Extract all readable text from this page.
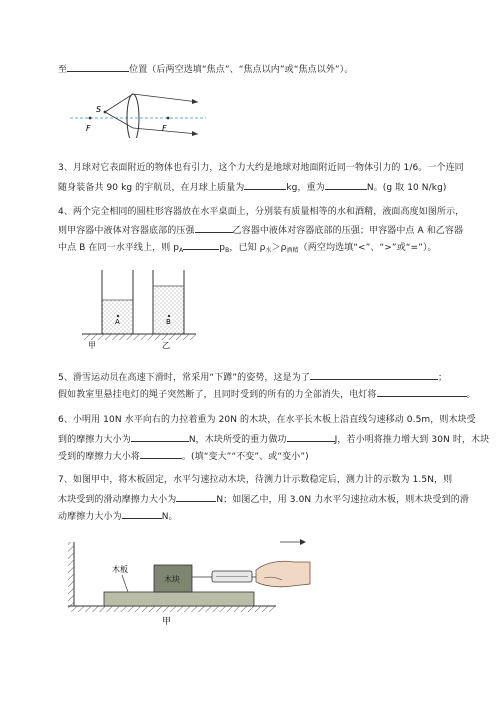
至	位置（后两空选填“焦点”、“焦点以内”或“焦点以外”）。
S
F	F
3、月球对它表面附近的物体也有引力，这个力大约是地球对地面附近同一物体引力的 1/6。一个连同
随身装备共 90 kg 的宇航员，在月球上质量为	kg，重为	N。(g 取 10 N/kg)
4、两个完全相同的圆柱形容器放在水平桌面上，分别装有质量相等的水和酒精，液面高度如图所示，
则甲容器中液体对容器底部的压强	乙容器中液体对容器底部的压强；甲容器中点 A 和乙容器
中点 B 在同一水平线上，则 $p_A$	$p_B$，已知 $\rho_水>\rho_{酒精}$（两空均选填“<”、“>”或“=”）。
A	B
甲	乙
5、滑雪运动员在高速下滑时，常采用“下蹲”的姿势，这是为了	；
假如教室里悬挂电灯的绳子突然断了，且同时受到的所有的力全部消失，电灯将	。
6、小明用 10N 水平向右的力拉着重为 20N 的木块，在水平长木板上沿直线匀速移动 0.5m，则木块受
到的摩擦力大小为	N，木块所受的重力做功	J，若小明将推力增大到 30N 时，木块
受到的摩擦力大小将	。(填“变大”“不变”、或“变小”)
7、如图甲中，将木板固定，水平匀速拉动木块，待测力计示数稳定后，测力计的示数为 1.5N，则
木块受到的滑动摩擦力大小为	N；如图乙中，用 3.0N 力水平匀速拉动木板，则木块受到的滑
动摩擦力大小为	N。
木板
木块
甲
